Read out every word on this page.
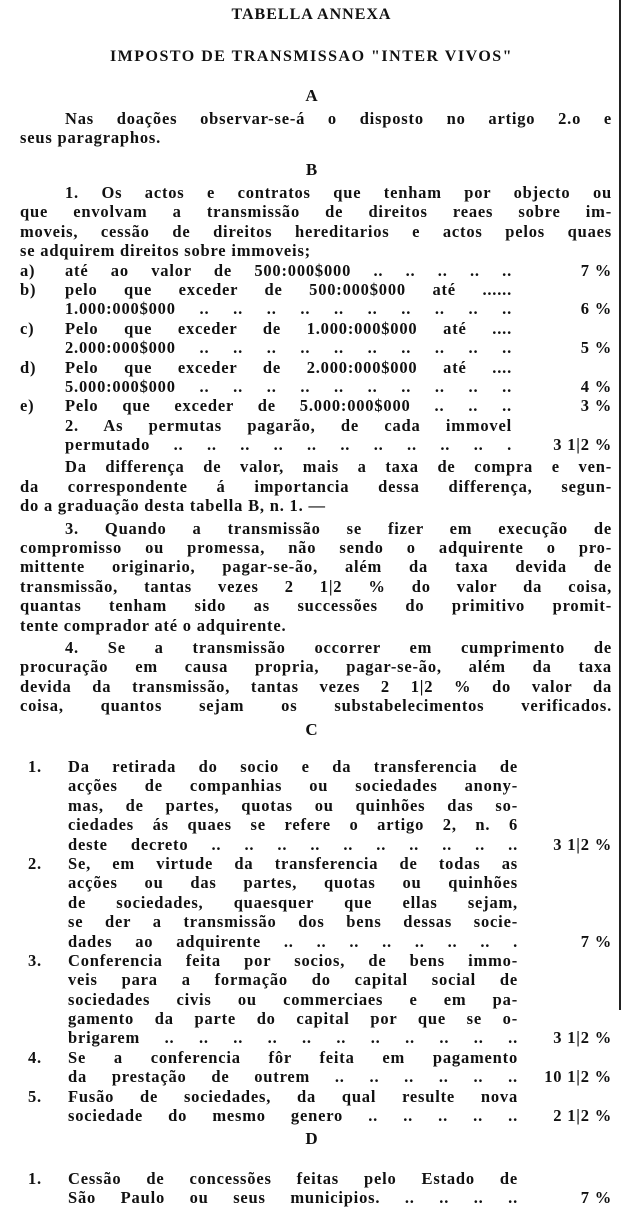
TABELLA ANNEXA
IMPOSTO DE TRANSMISSAO "INTER VIVOS"
A
Nas doações observar-se-á o disposto no artigo 2.o e
seus paragraphos.
B
1. Os actos e contratos que tenham por objecto ou
que envolvam a transmissão de direitos reaes sobre im-
moveis, cessão de direitos hereditarios e actos pelos quaes
se adquirem direitos sobre immoveis;
a) até ao valor de 500:000$000 .. .. .. .. ..	7 %
b) pelo que exceder de 500:000$000 até ......
1.000:000$000 .. .. .. .. .. .. .. .. .. ..	6 %
c) Pelo que exceder de 1.000:000$000 até ....
2.000:000$000 .. .. .. .. .. .. .. .. .. ..	5 %
d) Pelo que exceder de 2.000:000$000 até ....
5.000:000$000 .. .. .. .. .. .. .. .. .. ..	4 %
e) Pelo que exceder de 5.000:000$000 .. .. ..	3 %
2. As permutas pagarão, de cada immovel
permutado .. .. .. .. .. .. .. .. .. .. .	3 1|2 %
Da differença de valor, mais a taxa de compra e ven-
da correspondente á importancia dessa differença, segun-
do a graduação desta tabella B, n. 1. —
3. Quando a transmissão se fizer em execução de
compromisso ou promessa, não sendo o adquirente o pro-
mittente originario, pagar-se-ão, além da taxa devida de
transmissão, tantas vezes 2 1|2 % do valor da coisa,
quantas tenham sido as successões do primitivo promit-
tente comprador até o adquirente.
4. Se a transmissão occorrer em cumprimento de
procuração em causa propria, pagar-se-ão, além da taxa
devida da transmissão, tantas vezes 2 1|2 % do valor da
coisa, quantos sejam os substabelecimentos verificados.
C
1. Da retirada do socio e da transferencia de
acções de companhias ou sociedades anony-
mas, de partes, quotas ou quinhões das so-
ciedades ás quaes se refere o artigo 2, n. 6
deste decreto .. .. .. .. .. .. .. .. .. .. 3 1|2 %
2. Se, em virtude da transferencia de todas as
acções ou das partes, quotas ou quinhões
de sociedades, quaesquer que ellas sejam,
se der a transmissão dos bens dessas socie-
dades ao adquirente .. .. .. .. .. .. .. .	7 %
3. Conferencia feita por socios, de bens immo-
veis para a formação do capital social de
sociedades civis ou commerciaes e em pa-
gamento da parte do capital por que se o-
brigarem .. .. .. .. .. .. .. .. .. .. .. 3 1|2 %
4. Se a conferencia fôr feita em pagamento
da prestação de outrem .. .. .. .. .. .. 10 1|2 %
5. Fusão de sociedades, da qual resulte nova
sociedade do mesmo genero .. .. .. .. .. 2 1|2 %
D
1. Cessão de concessões feitas pelo Estado de
São Paulo ou seus municipios. .. .. .. ..	7 %
